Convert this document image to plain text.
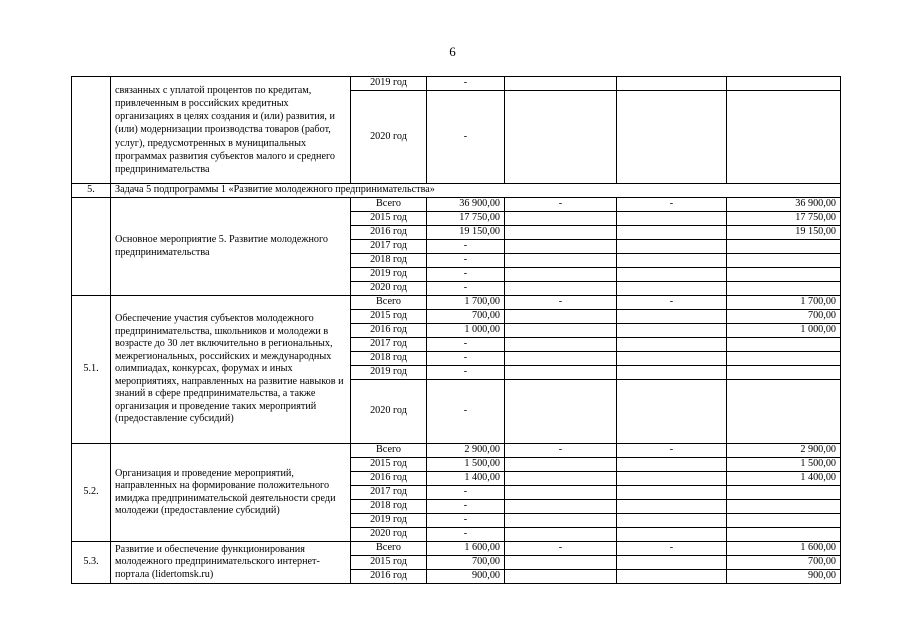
6
	связанных с уплатой процентов по кредитам, привлеченным в российских кредитных организациях в целях создания и (или) развития, и (или) модернизации производства товаров (работ, услуг), предусмотренных в муниципальных программах развития субъектов малого и среднего предпринимательства	2019 год	-			
		2020 год	-			
5.	Задача 5 подпрограммы 1 «Развитие молодежного предпринимательства»					
	Основное мероприятие 5. Развитие молодежного предпринимательства	Всего	36 900,00	-	-	36 900,00
		2015 год	17 750,00			17 750,00
		2016 год	19 150,00			19 150,00
		2017 год	-			
		2018 год	-			
		2019 год	-			
		2020 год	-			
5.1.	Обеспечение участия субъектов молодежного предпринимательства, школьников и молодежи в возрасте до 30 лет включительно в региональных, межрегиональных, российских и международных олимпиадах, конкурсах, форумах и иных мероприятиях, направленных на развитие навыков и знаний в сфере предпринимательства, а также организация и проведение таких мероприятий (предоставление субсидий)	Всего	1 700,00	-	-	1 700,00
		2015 год	700,00			700,00
		2016 год	1 000,00			1 000,00
		2017 год	-			
		2018 год	-			
		2019 год	-			
		2020 год	-			
5.2.	Организация и проведение мероприятий, направленных на формирование положительного имиджа предпринимательской деятельности среди молодежи (предоставление субсидий)	Всего	2 900,00	-	-	2 900,00
		2015 год	1 500,00			1 500,00
		2016 год	1 400,00			1 400,00
		2017 год	-			
		2018 год	-			
		2019 год	-			
		2020 год	-			
5.3.	Развитие и обеспечение функционирования молодежного предпринимательского интернет-портала (lidertomsk.ru)	Всего	1 600,00	-	-	1 600,00
		2015 год	700,00			700,00
		2016 год	900,00			900,00
